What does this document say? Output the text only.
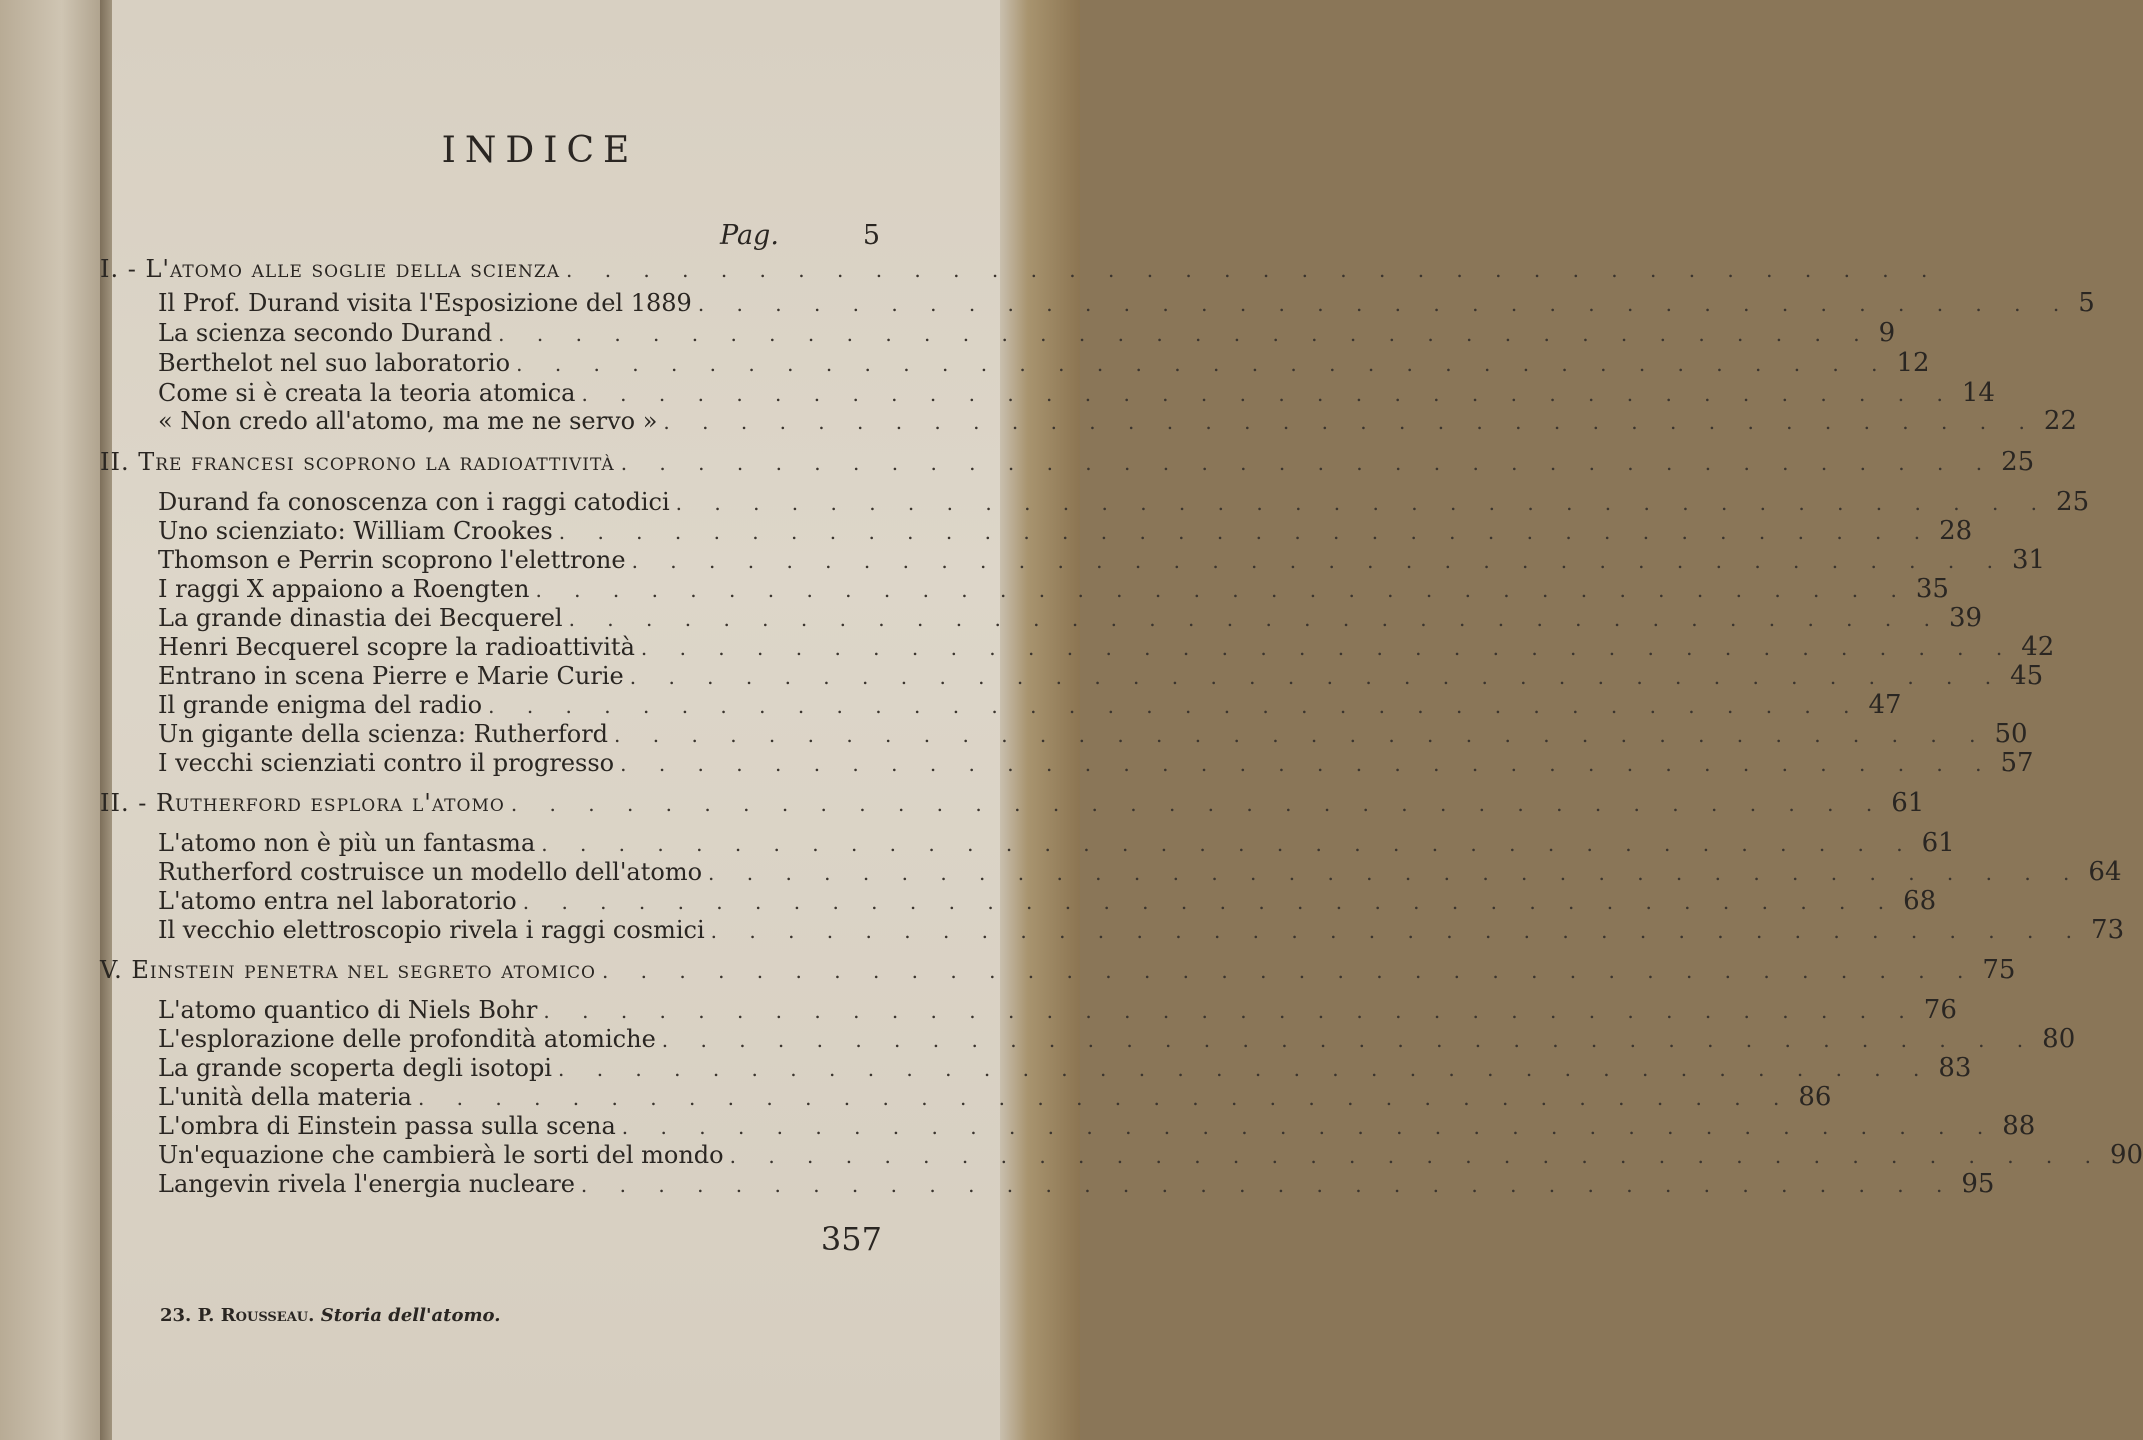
INDICE
Pag.	5
I. - L'atomo alle soglie della scienza . . . . . . . . . . . . . . . . . . . . . . . . . . . . . . . . . . . .
Il Prof. Durand visita l'Esposizione del 1889 . . . . . . . . . . . . . . . . . . . . . . . . . . . . . . . . . . . . 5
La scienza secondo Durand . . . . . . . . . . . . . . . . . . . . . . . . . . . . . . . . . . . . 9
Berthelot nel suo laboratorio . . . . . . . . . . . . . . . . . . . . . . . . . . . . . . . . . . . . 12
Come si è creata la teoria atomica . . . . . . . . . . . . . . . . . . . . . . . . . . . . . . . . . . . . 14
« Non credo all'atomo, ma me ne servo » . . . . . . . . . . . . . . . . . . . . . . . . . . . . . . . . . . . . 22
II. Tre francesi scoprono la radioattività . . . . . . . . . . . . . . . . . . . . . . . . . . . . . . . . . . . . 25
Durand fa conoscenza con i raggi catodici . . . . . . . . . . . . . . . . . . . . . . . . . . . . . . . . . . . . 25
Uno scienziato: William Crookes . . . . . . . . . . . . . . . . . . . . . . . . . . . . . . . . . . . . 28
Thomson e Perrin scoprono l'elettrone . . . . . . . . . . . . . . . . . . . . . . . . . . . . . . . . . . . . 31
I raggi X appaiono a Roengten . . . . . . . . . . . . . . . . . . . . . . . . . . . . . . . . . . . . 35
La grande dinastia dei Becquerel . . . . . . . . . . . . . . . . . . . . . . . . . . . . . . . . . . . . 39
Henri Becquerel scopre la radioattività . . . . . . . . . . . . . . . . . . . . . . . . . . . . . . . . . . . . 42
Entrano in scena Pierre e Marie Curie . . . . . . . . . . . . . . . . . . . . . . . . . . . . . . . . . . . . 45
Il grande enigma del radio . . . . . . . . . . . . . . . . . . . . . . . . . . . . . . . . . . . . 47
Un gigante della scienza: Rutherford . . . . . . . . . . . . . . . . . . . . . . . . . . . . . . . . . . . . 50
I vecchi scienziati contro il progresso . . . . . . . . . . . . . . . . . . . . . . . . . . . . . . . . . . . . 57
II. - Rutherford esplora l'atomo . . . . . . . . . . . . . . . . . . . . . . . . . . . . . . . . . . . . 61
L'atomo non è più un fantasma . . . . . . . . . . . . . . . . . . . . . . . . . . . . . . . . . . . . 61
Rutherford costruisce un modello dell'atomo . . . . . . . . . . . . . . . . . . . . . . . . . . . . . . . . . . . . 64
L'atomo entra nel laboratorio . . . . . . . . . . . . . . . . . . . . . . . . . . . . . . . . . . . . 68
Il vecchio elettroscopio rivela i raggi cosmici . . . . . . . . . . . . . . . . . . . . . . . . . . . . . . . . . . . . 73
V. Einstein penetra nel segreto atomico . . . . . . . . . . . . . . . . . . . . . . . . . . . . . . . . . . . . 75
L'atomo quantico di Niels Bohr . . . . . . . . . . . . . . . . . . . . . . . . . . . . . . . . . . . . 76
L'esplorazione delle profondità atomiche . . . . . . . . . . . . . . . . . . . . . . . . . . . . . . . . . . . . 80
La grande scoperta degli isotopi . . . . . . . . . . . . . . . . . . . . . . . . . . . . . . . . . . . . 83
L'unità della materia . . . . . . . . . . . . . . . . . . . . . . . . . . . . . . . . . . . . 86
L'ombra di Einstein passa sulla scena . . . . . . . . . . . . . . . . . . . . . . . . . . . . . . . . . . . . 88
Un'equazione che cambierà le sorti del mondo . . . . . . . . . . . . . . . . . . . . . . . . . . . . . . . . . . . . 90
Langevin rivela l'energia nucleare . . . . . . . . . . . . . . . . . . . . . . . . . . . . . . . . . . . . 95
357
23. P. Rousseau. Storia dell'atomo.
